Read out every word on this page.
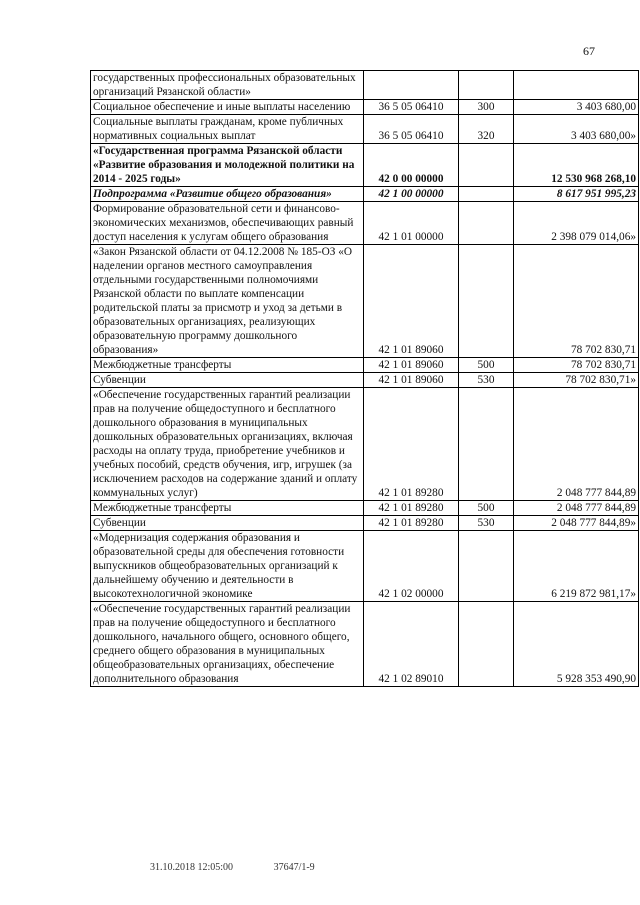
67
государственных профессиональных образовательных организаций Рязанской области»			
Социальное обеспечение и иные выплаты населению	36 5 05 06410	300	3 403 680,00
Социальные выплаты гражданам, кроме публичных нормативных социальных выплат	36 5 05 06410	320	3 403 680,00»
«Государственная программа Рязанской области «Развитие образования и молодежной политики на 2014 - 2025 годы»	42 0 00 00000		12 530 968 268,10
Подпрограмма «Развитие общего образования»	42 1 00 00000		8 617 951 995,23
Формирование образовательной сети и финансово-экономических механизмов, обеспечивающих равный доступ населения к услугам общего образования	42 1 01 00000		2 398 079 014,06»
«Закон Рязанской области от 04.12.2008 № 185-ОЗ «О наделении органов местного самоуправления отдельными государственными полномочиями Рязанской области по выплате компенсации родительской платы за присмотр и уход за детьми в образовательных организациях, реализующих образовательную программу дошкольного образования»	42 1 01 89060		78 702 830,71
Межбюджетные трансферты	42 1 01 89060	500	78 702 830,71
Субвенции	42 1 01 89060	530	78 702 830,71»
«Обеспечение государственных гарантий реализации прав на получение общедоступного и бесплатного дошкольного образования в муниципальных дошкольных образовательных организациях, включая расходы на оплату труда, приобретение учебников и учебных пособий, средств обучения, игр, игрушек (за исключением расходов на содержание зданий и оплату коммунальных услуг)	42 1 01 89280		2 048 777 844,89
Межбюджетные трансферты	42 1 01 89280	500	2 048 777 844,89
Субвенции	42 1 01 89280	530	2 048 777 844,89»
«Модернизация содержания образования и образовательной среды для обеспечения готовности выпускников общеобразовательных организаций к дальнейшему обучению и деятельности в высокотехнологичной экономике	42 1 02 00000		6 219 872 981,17»
«Обеспечение государственных гарантий реализации прав на получение общедоступного и бесплатного дошкольного, начального общего, основного общего, среднего общего образования в муниципальных общеобразовательных организациях, обеспечение дополнительного образования	42 1 02 89010		5 928 353 490,90
31.10.2018 12:05:00	37647/1-9
